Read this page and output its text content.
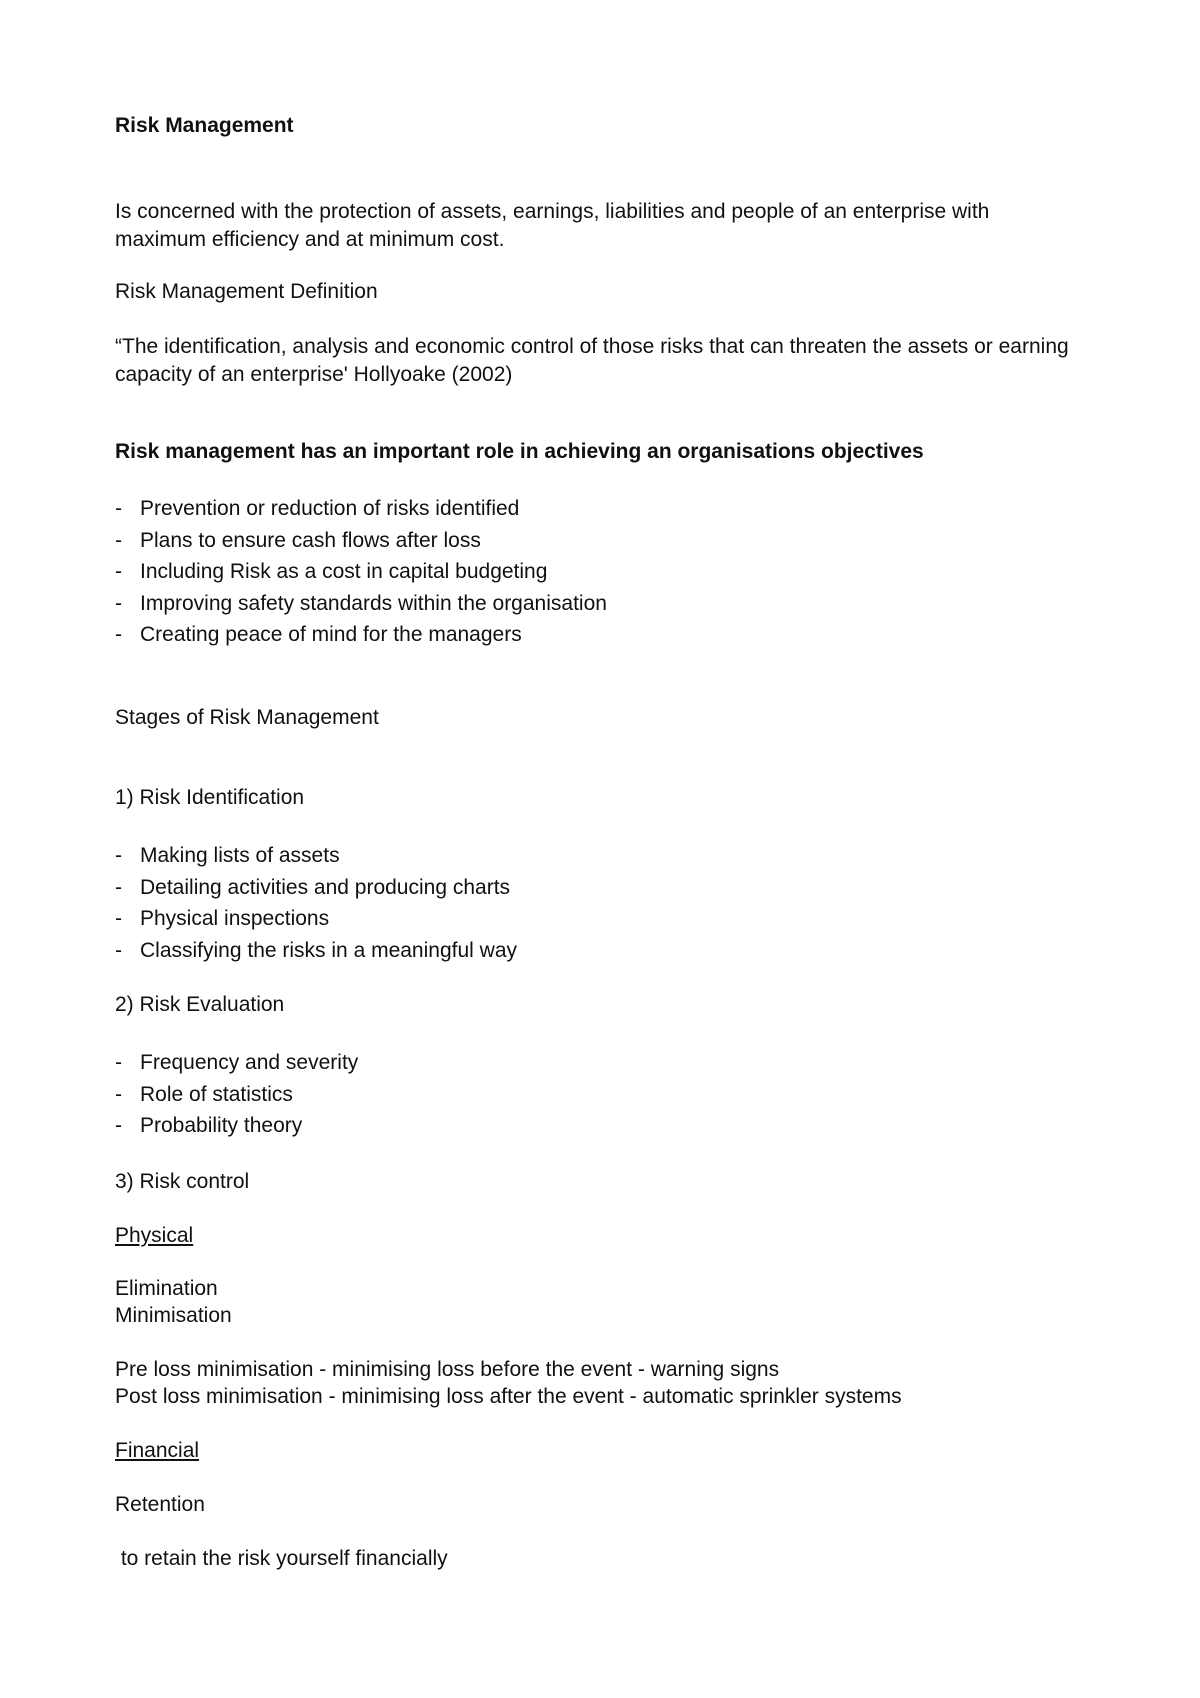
Risk Management

Is concerned with the protection of assets, earnings, liabilities and people of an enterprise with maximum efficiency and at minimum cost.

Risk Management Definition

“The identification, analysis and economic control of those risks that can threaten the assets or earning capacity of an enterprise' Hollyoake (2002)

Risk management has an important role in achieving an organisations objectives

- Prevention or reduction of risks identified
- Plans to ensure cash flows after loss
- Including Risk as a cost in capital budgeting
- Improving safety standards within the organisation
- Creating peace of mind for the managers

Stages of Risk Management

1) Risk Identification

- Making lists of assets
- Detailing activities and producing charts
- Physical inspections
- Classifying the risks in a meaningful way

2) Risk Evaluation

- Frequency and severity
- Role of statistics
- Probability theory

3) Risk control

Physical

Elimination

Minimisation

Pre loss minimisation - minimising loss before the event - warning signs

Post loss minimisation - minimising loss after the event - automatic sprinkler systems

Financial

Retention

to retain the risk yourself financially
